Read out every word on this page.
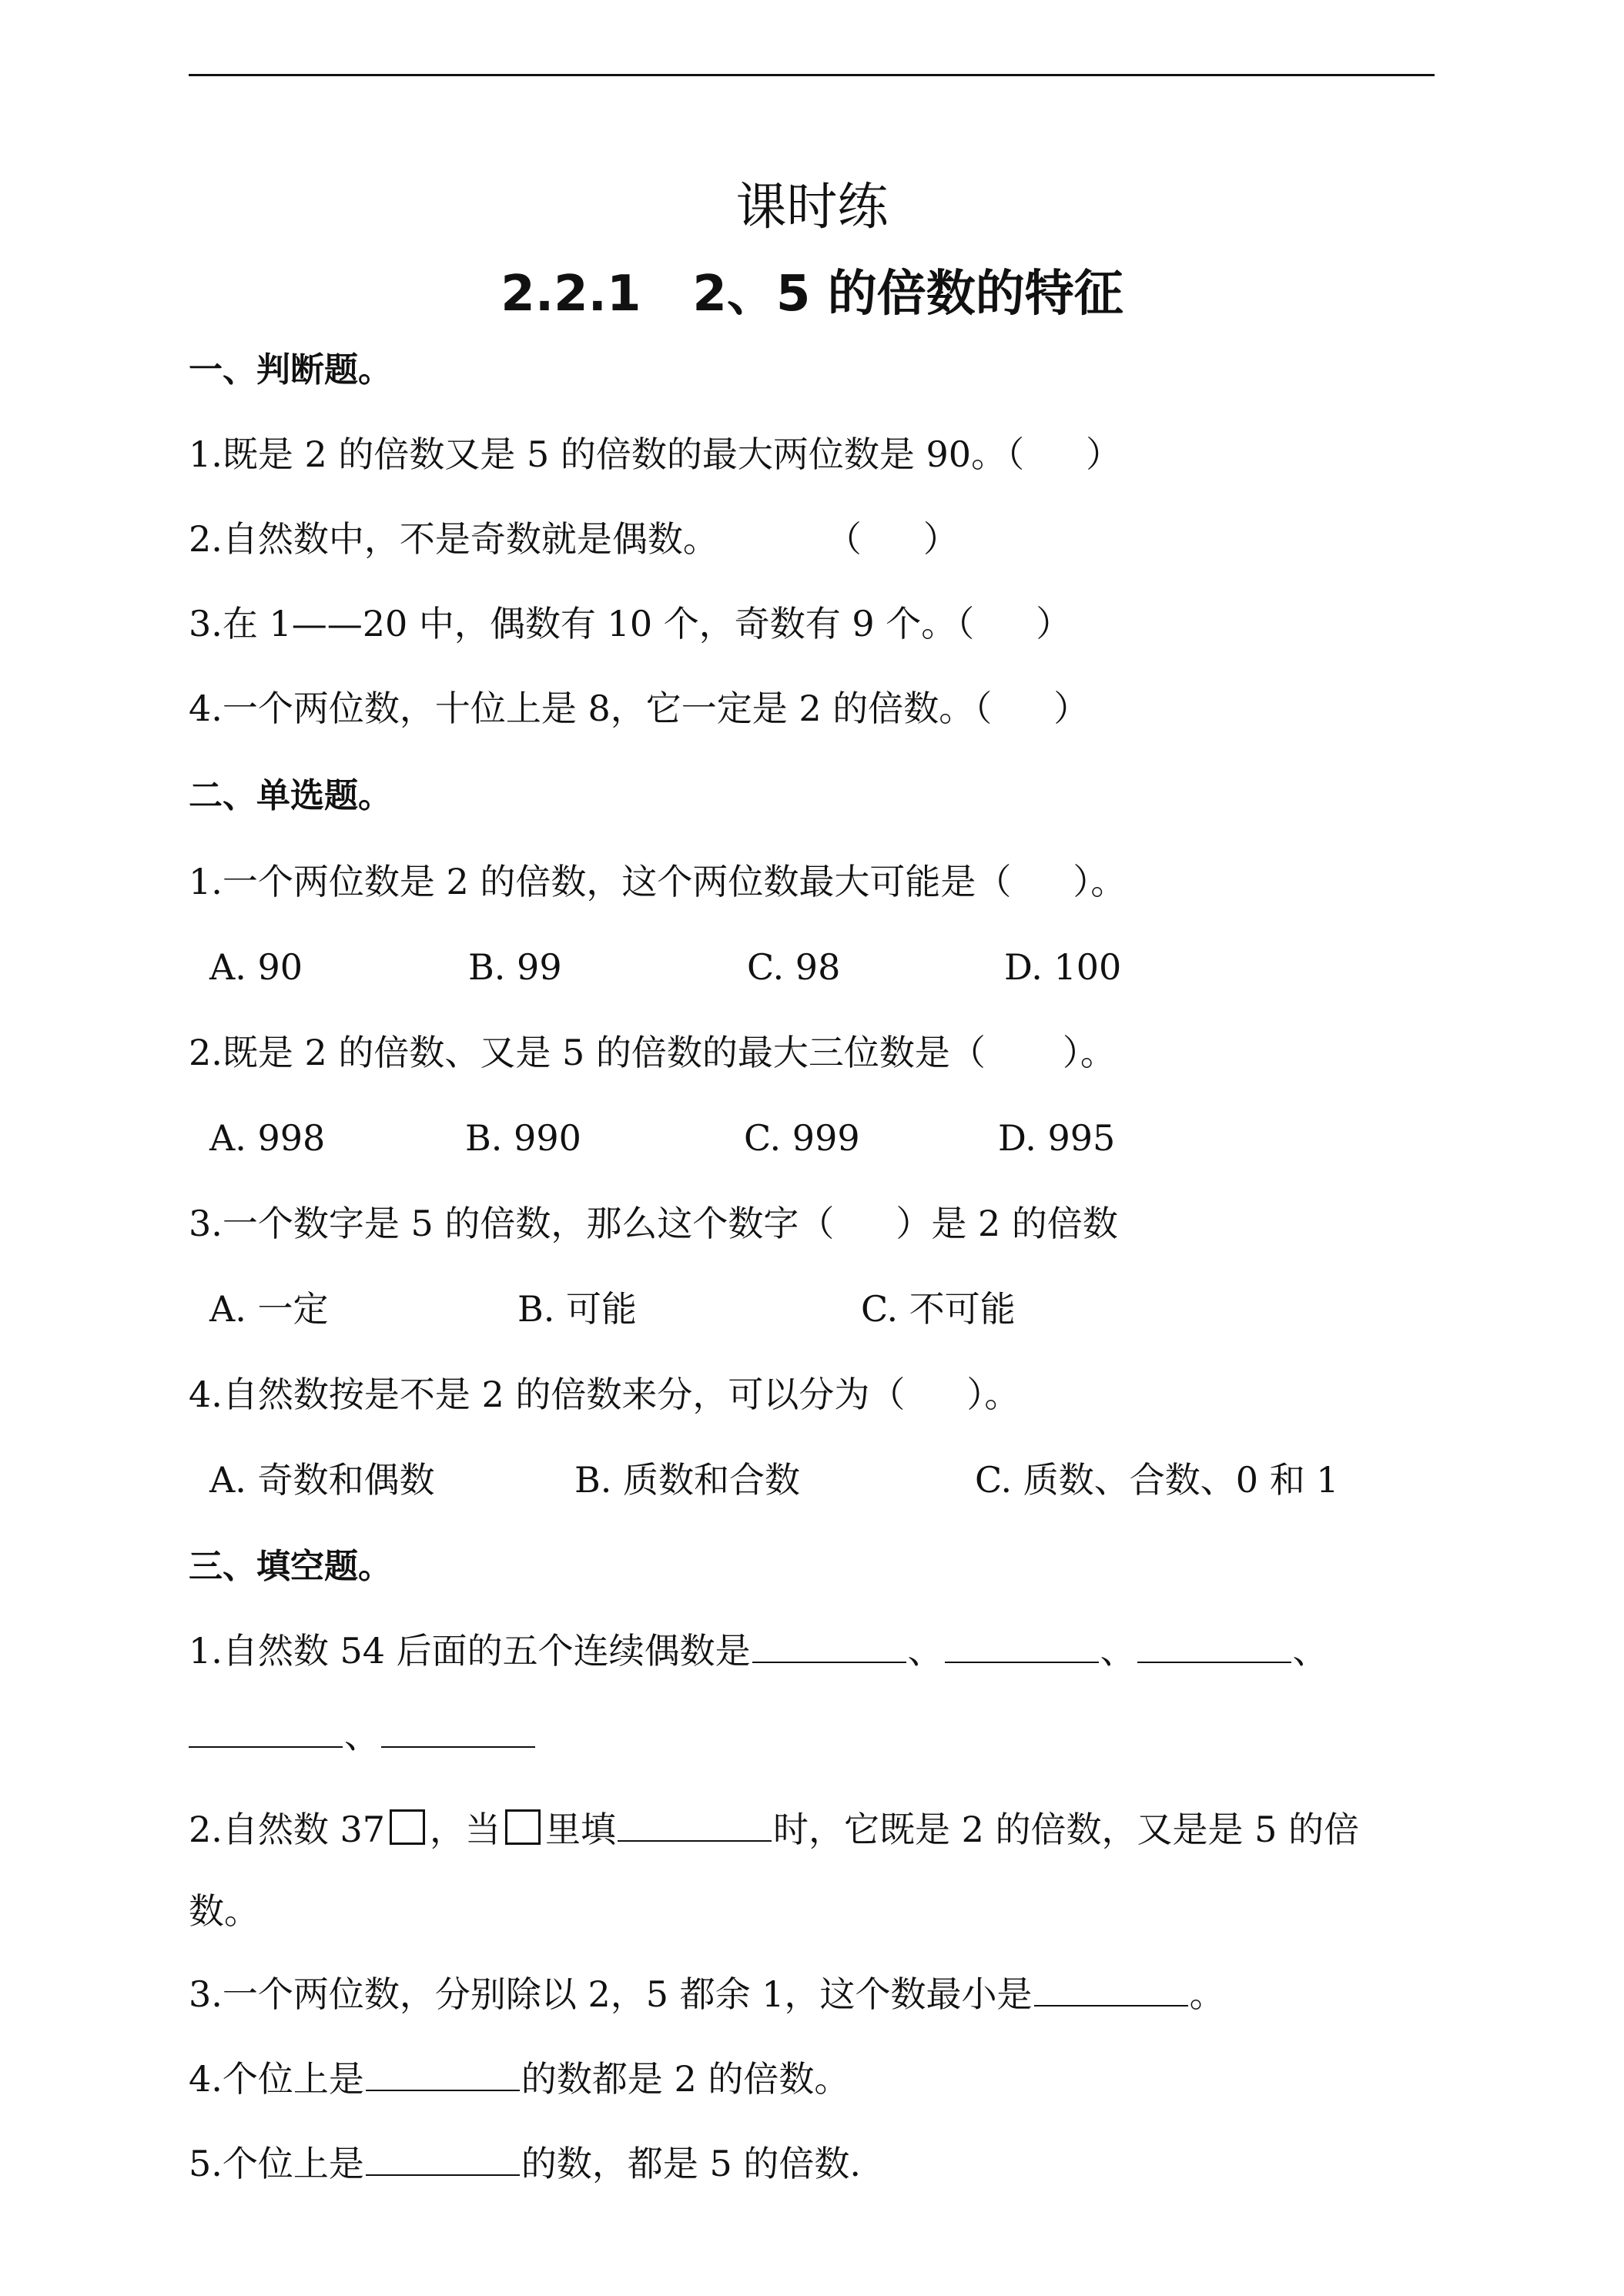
课时练
2.2.1   2、5 的倍数的特征
一、判断题。
1.既是 2 的倍数又是 5 的倍数的最大两位数是 90。（ ）
2.自然数中，不是奇数就是偶数。	（ ）
3.在 1——20 中，偶数有 10 个，奇数有 9 个。（ ）
4.一个两位数，十位上是 8，它一定是 2 的倍数。（ ）
二、单选题。
1.一个两位数是 2 的倍数，这个两位数最大可能是（ ）。
A. 90	B. 99	C. 98	D. 100
2.既是 2 的倍数、又是 5 的倍数的最大三位数是（ ）。
A. 998	B. 990	C. 999	D. 995
3.一个数字是 5 的倍数，那么这个数字（ ）是 2 的倍数
A. 一定	B. 可能	C. 不可能
4.自然数按是不是 2 的倍数来分，可以分为（ ）。
A. 奇数和偶数	B. 质数和合数	C. 质数、合数、0 和 1
三、填空题。
1.自然数 54 后面的五个连续偶数是	、	、	、
、
2.自然数 37 ，当 里填	时，它既是 2 的倍数，又是是 5 的倍
数。
3.一个两位数，分别除以 2，5 都余 1，这个数最小是	。
4.个位上是	的数都是 2 的倍数。
5.个位上是	的数，都是 5 的倍数.
